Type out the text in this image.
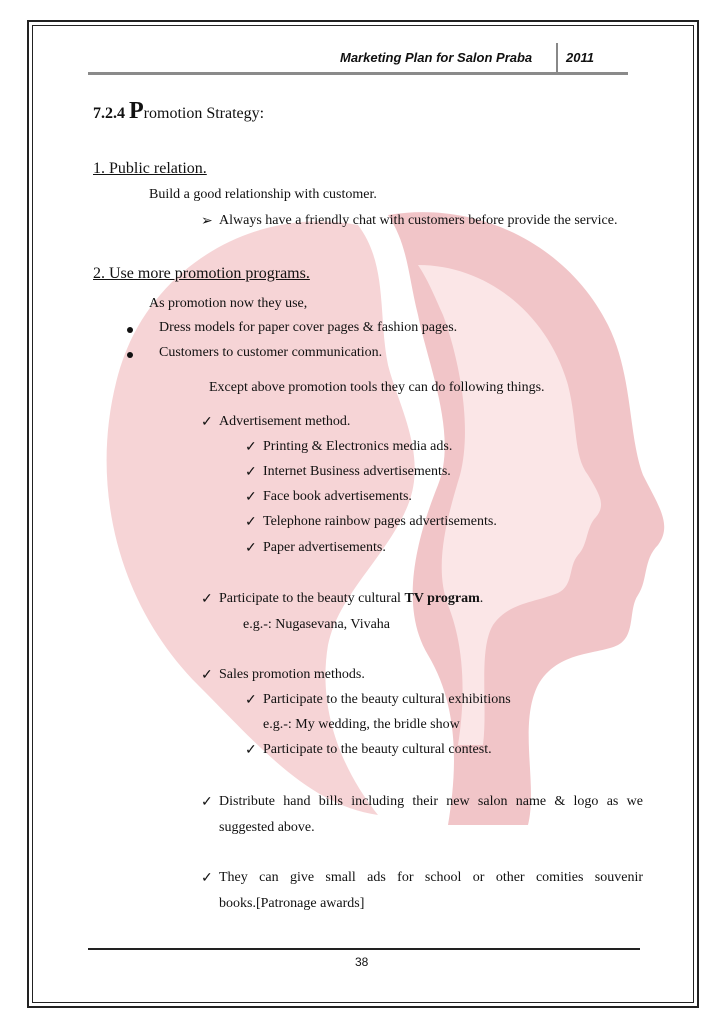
Marketing Plan for Salon Praba	2011
7.2.4 Promotion Strategy:
1. Public relation.
Build a good relationship with customer.
➢ Always have a friendly chat with customers before provide the service.
2. Use more promotion programs.
As promotion now they use,
Dress models for paper cover pages & fashion pages.
Customers to customer communication.
Except above promotion tools they can do following things.
✓ Advertisement method.
✓ Printing & Electronics media ads.
✓ Internet Business advertisements.
✓ Face book advertisements.
✓ Telephone rainbow pages advertisements.
✓ Paper advertisements.
✓ Participate to the beauty cultural TV program.
e.g.-: Nugasevana, Vivaha
✓ Sales promotion methods.
✓ Participate to the beauty cultural exhibitions
e.g.-: My wedding, the bridle show
✓ Participate to the beauty cultural contest.
✓ Distribute hand bills including their new salon name & logo as we
suggested above.
✓ They can give small ads for school or other comities souvenir
books.[Patronage awards]
38
